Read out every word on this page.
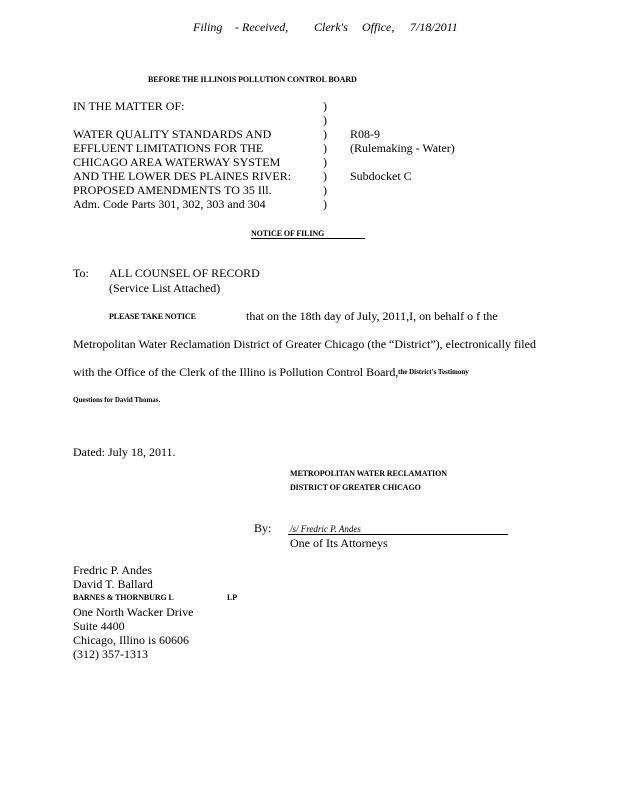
Filing - Received, Clerk's Office, 7/18/2011
BEFORE THE ILLINOIS POLLUTION CONTROL BOARD
IN THE MATTER OF:
WATER QUALITY STANDARDS AND
EFFLUENT LIMITATIONS FOR THE
CHICAGO AREA WATERWAY SYSTEM
AND THE LOWER DES PLAINES RIVER:
PROPOSED AMENDMENTS TO 35 Ill.
Adm. Code Parts 301, 302, 303 and 304
)
)
)
)
)
)
)
)
R08-9
(Rulemaking - Water)
Subdocket C
NOTICE OF FILING
To: ALL COUNSEL OF RECORD
(Service List Attached)
PLEASE TAKE NOTICE	that on the 18th day of July, 2011,I, on behalf o f the
Metropolitan Water Reclamation District of Greater Chicago (the “District”), electronically filed
with the Office of the Clerk of the Illino is Pollution Control Board, the District's Testimony
Questions for David Thomas.
Dated: July 18, 2011.
METROPOLITAN WATER RECLAMATION
DISTRICT OF GREATER CHICAGO
By: /s/ Fredric P. Andes
One of Its Attorneys
Fredric P. Andes
David T. Ballard
BARNES & THORNBURG L	LP
One North Wacker Drive
Suite 4400
Chicago, Illino is 60606
(312) 357-1313
